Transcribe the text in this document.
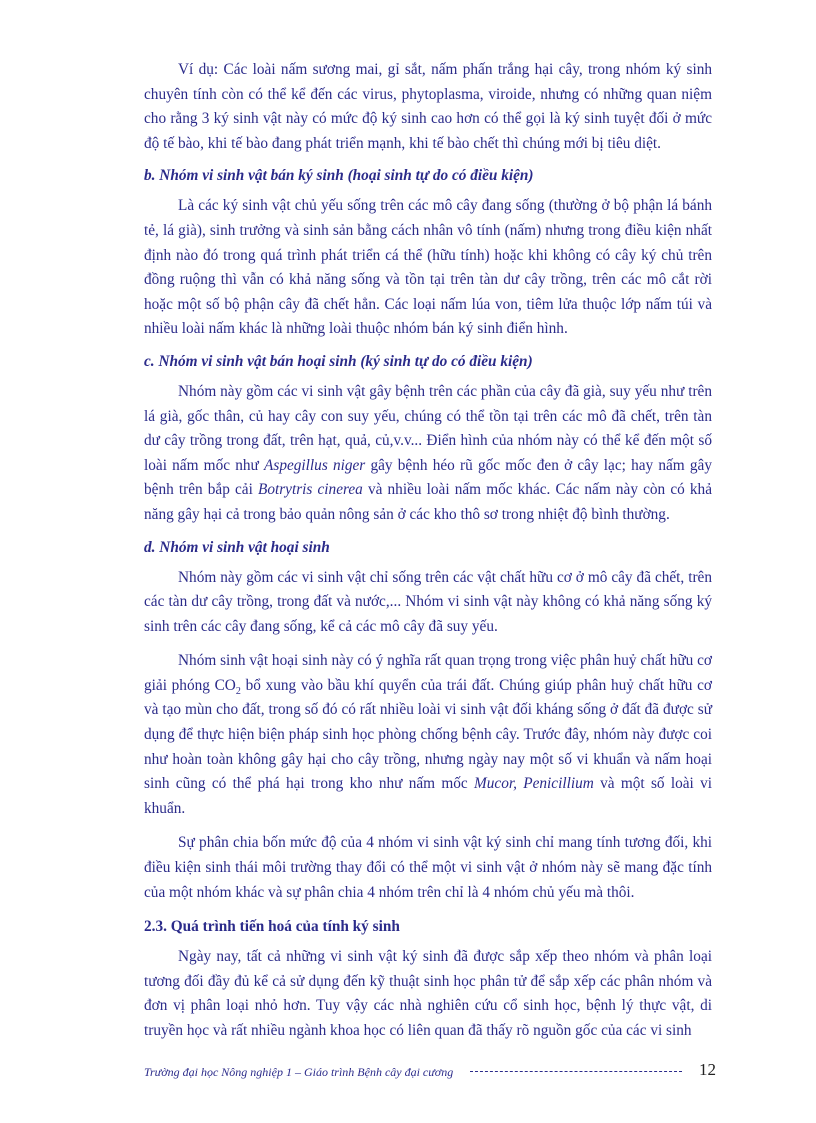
Ví dụ: Các loài nấm sương mai, gỉ sắt, nấm phấn trắng hại cây, trong nhóm ký sinh chuyên tính còn có thể kể đến các virus, phytoplasma, viroide, nhưng có những quan niệm cho rằng 3 ký sinh vật này có mức độ ký sinh cao hơn có thể gọi là ký sinh tuyệt đối ở mức độ tế bào, khi tế bào đang phát triển mạnh, khi tế bào chết thì chúng mới bị tiêu diệt.

b. Nhóm vi sinh vật bán ký sinh (hoại sinh tự do có điều kiện)

Là các ký sinh vật chủ yếu sống trên các mô cây đang sống (thường ở bộ phận lá bánh tẻ, lá già), sinh trưởng và sinh sản bằng cách nhân vô tính (nấm) nhưng trong điều kiện nhất định nào đó trong quá trình phát triển cá thể (hữu tính) hoặc khi không có cây ký chủ trên đồng ruộng thì vẫn có khả năng sống và tồn tại trên tàn dư cây trồng, trên các mô cắt rời hoặc một số bộ phận cây đã chết hẳn. Các loại nấm lúa von, tiêm lửa thuộc lớp nấm túi và nhiều loài nấm khác là những loài thuộc nhóm bán ký sinh điển hình.

c. Nhóm vi sinh vật bán hoại sinh (ký sinh tự do có điều kiện)

Nhóm này gồm các vi sinh vật gây bệnh trên các phần của cây đã già, suy yếu như trên lá già, gốc thân, củ hay cây con suy yếu, chúng có thể tồn tại trên các mô đã chết, trên tàn dư cây trồng trong đất, trên hạt, quả, củ,v.v... Điển hình của nhóm này có thể kể đến một số loài nấm mốc như Aspegillus niger gây bệnh héo rũ gốc mốc đen ở cây lạc; hay nấm gây bệnh trên bắp cải Botrytris cinerea và nhiều loài nấm mốc khác. Các nấm này còn có khả năng gây hại cả trong bảo quản nông sản ở các kho thô sơ trong nhiệt độ bình thường.

d. Nhóm vi sinh vật hoại sinh

Nhóm này gồm các vi sinh vật chỉ sống trên các vật chất hữu cơ ở mô cây đã chết, trên các tàn dư cây trồng, trong đất và nước,... Nhóm vi sinh vật này không có khả năng sống ký sinh trên các cây đang sống, kể cả các mô cây đã suy yếu.

Nhóm sinh vật hoại sinh này có ý nghĩa rất quan trọng trong việc phân huỷ chất hữu cơ giải phóng $CO_2$ bổ xung vào bầu khí quyển của trái đất. Chúng giúp phân huỷ chất hữu cơ và tạo mùn cho đất, trong số đó có rất nhiều loài vi sinh vật đối kháng sống ở đất đã được sử dụng để thực hiện biện pháp sinh học phòng chống bệnh cây. Trước đây, nhóm này được coi như hoàn toàn không gây hại cho cây trồng, nhưng ngày nay một số vi khuẩn và nấm hoại sinh cũng có thể phá hại trong kho như nấm mốc Mucor, Penicillium và một số loài vi khuẩn.

Sự phân chia bốn mức độ của 4 nhóm vi sinh vật ký sinh chỉ mang tính tương đối, khi điều kiện sinh thái môi trường thay đổi có thể một vi sinh vật ở nhóm này sẽ mang đặc tính của một nhóm khác và sự phân chia 4 nhóm trên chỉ là 4 nhóm chủ yếu mà thôi.

2.3. Quá trình tiến hoá của tính ký sinh

Ngày nay, tất cả những vi sinh vật ký sinh đã được sắp xếp theo nhóm và phân loại tương đối đầy đủ kể cả sử dụng đến kỹ thuật sinh học phân tử để sắp xếp các phân nhóm và đơn vị phân loại nhỏ hơn. Tuy vậy các nhà nghiên cứu cổ sinh học, bệnh lý thực vật, di truyền học và rất nhiều ngành khoa học có liên quan đã thấy rõ nguồn gốc của các vi sinh

Trường đại học Nông nghiệp 1 – Giáo trình Bệnh cây đại cương	12
